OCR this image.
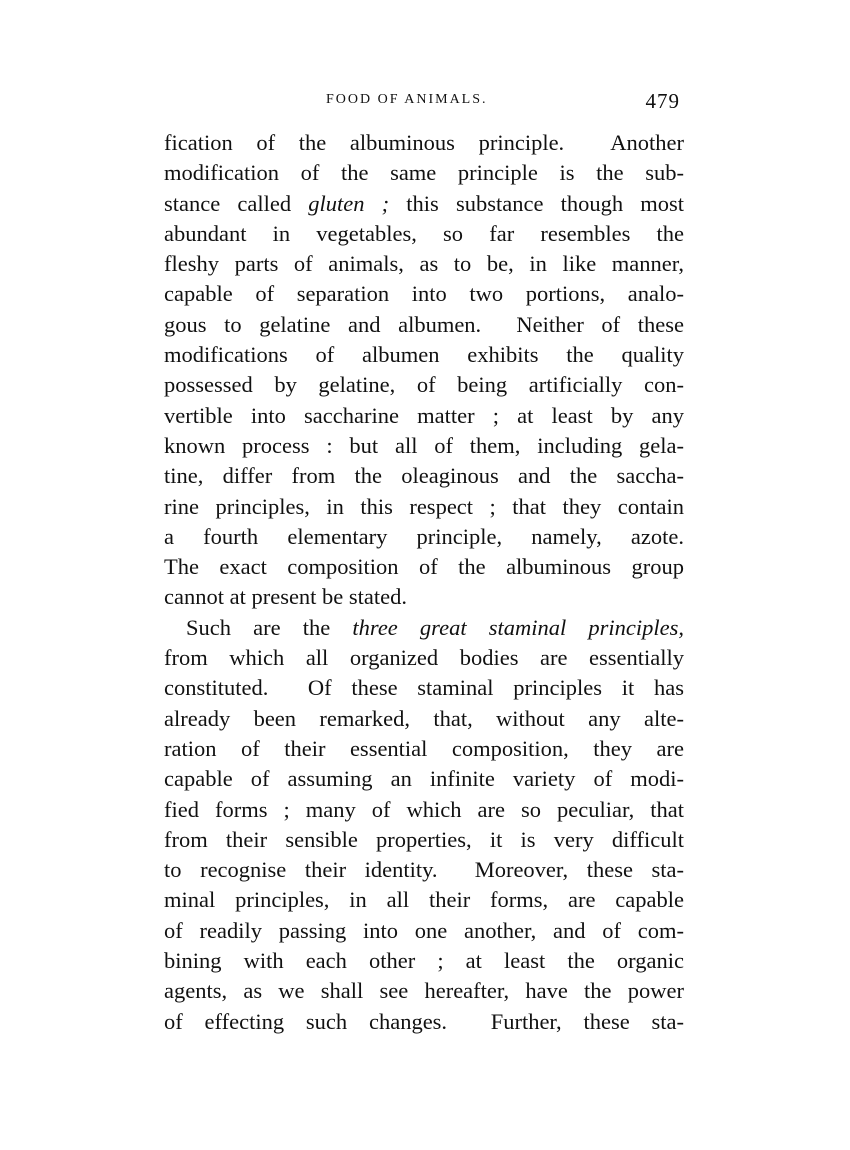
FOOD OF ANIMALS.	479
fication of the albuminous principle.  Another
modification of the same principle is the sub-
stance called gluten ; this substance though most
abundant in vegetables, so far resembles the
fleshy parts of animals, as to be, in like manner,
capable of separation into two portions, analo-
gous to gelatine and albumen.  Neither of these
modifications of albumen exhibits the quality
possessed by gelatine, of being artificially con-
vertible into saccharine matter ; at least by any
known process : but all of them, including gela-
tine, differ from the oleaginous and the saccha-
rine principles, in this respect ; that they contain
a fourth elementary principle, namely, azote.
The exact composition of the albuminous group
cannot at present be stated.
Such are the three great staminal principles,
from which all organized bodies are essentially
constituted.  Of these staminal principles it has
already been remarked, that, without any alte-
ration of their essential composition, they are
capable of assuming an infinite variety of modi-
fied forms ; many of which are so peculiar, that
from their sensible properties, it is very difficult
to recognise their identity.  Moreover, these sta-
minal principles, in all their forms, are capable
of readily passing into one another, and of com-
bining with each other ; at least the organic
agents, as we shall see hereafter, have the power
of effecting such changes.  Further, these sta-
